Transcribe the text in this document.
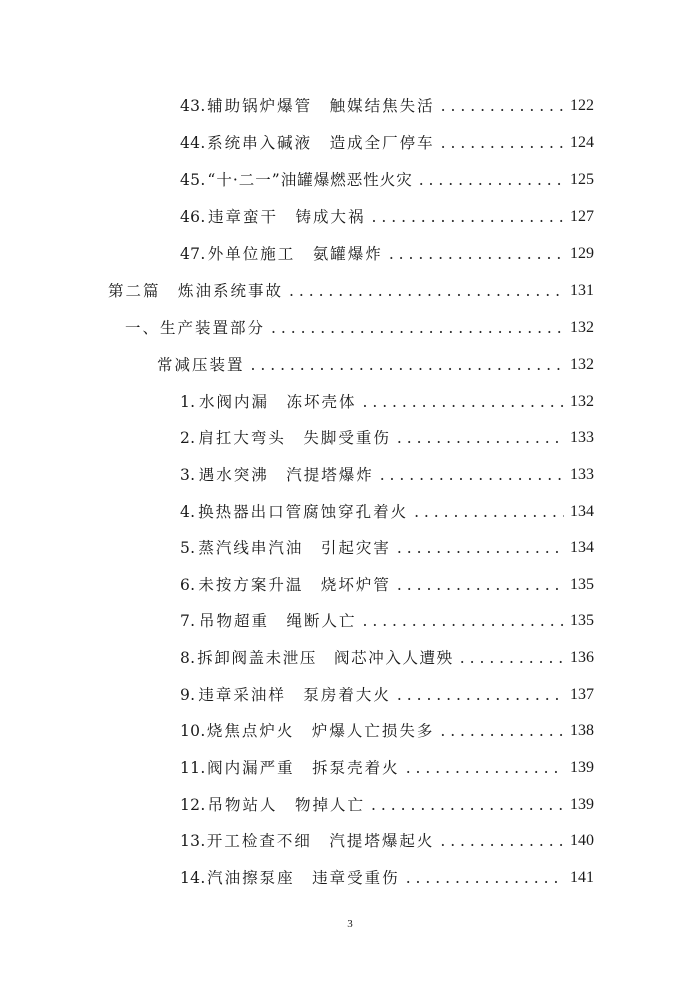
43. 辅助锅炉爆管　触媒结焦失活 . . .	122
44. 系统串入碱液　造成全厂停车 . . .	124
45. “十·二一”油罐爆燃恶性火灾 . . .	125
46. 违章蛮干　铸成大祸 . . .	127
47. 外单位施工　氨罐爆炸 . . .	129
第二篇　炼油系统事故 . . .	131
一、生产装置部分 . . .	132
常减压装置 . . .	132
1. 水阀内漏　冻坏壳体 . . .	132
2. 肩扛大弯头　失脚受重伤 . . .	133
3. 遇水突沸　汽提塔爆炸 . . .	133
4. 换热器出口管腐蚀穿孔着火 . . .	134
5. 蒸汽线串汽油　引起灾害 . . .	134
6. 未按方案升温　烧坏炉管 . . .	135
7. 吊物超重　绳断人亡 . . .	135
8. 拆卸阀盖未泄压　阀芯冲入人遭殃 . . .	136
9. 违章采油样　泵房着大火 . . .	137
10. 烧焦点炉火　炉爆人亡损失多 . . .	138
11. 阀内漏严重　拆泵壳着火 . . .	139
12. 吊物站人　物掉人亡 . . .	139
13. 开工检查不细　汽提塔爆起火 . . .	140
14. 汽油擦泵座　违章受重伤 . . .	141
3
